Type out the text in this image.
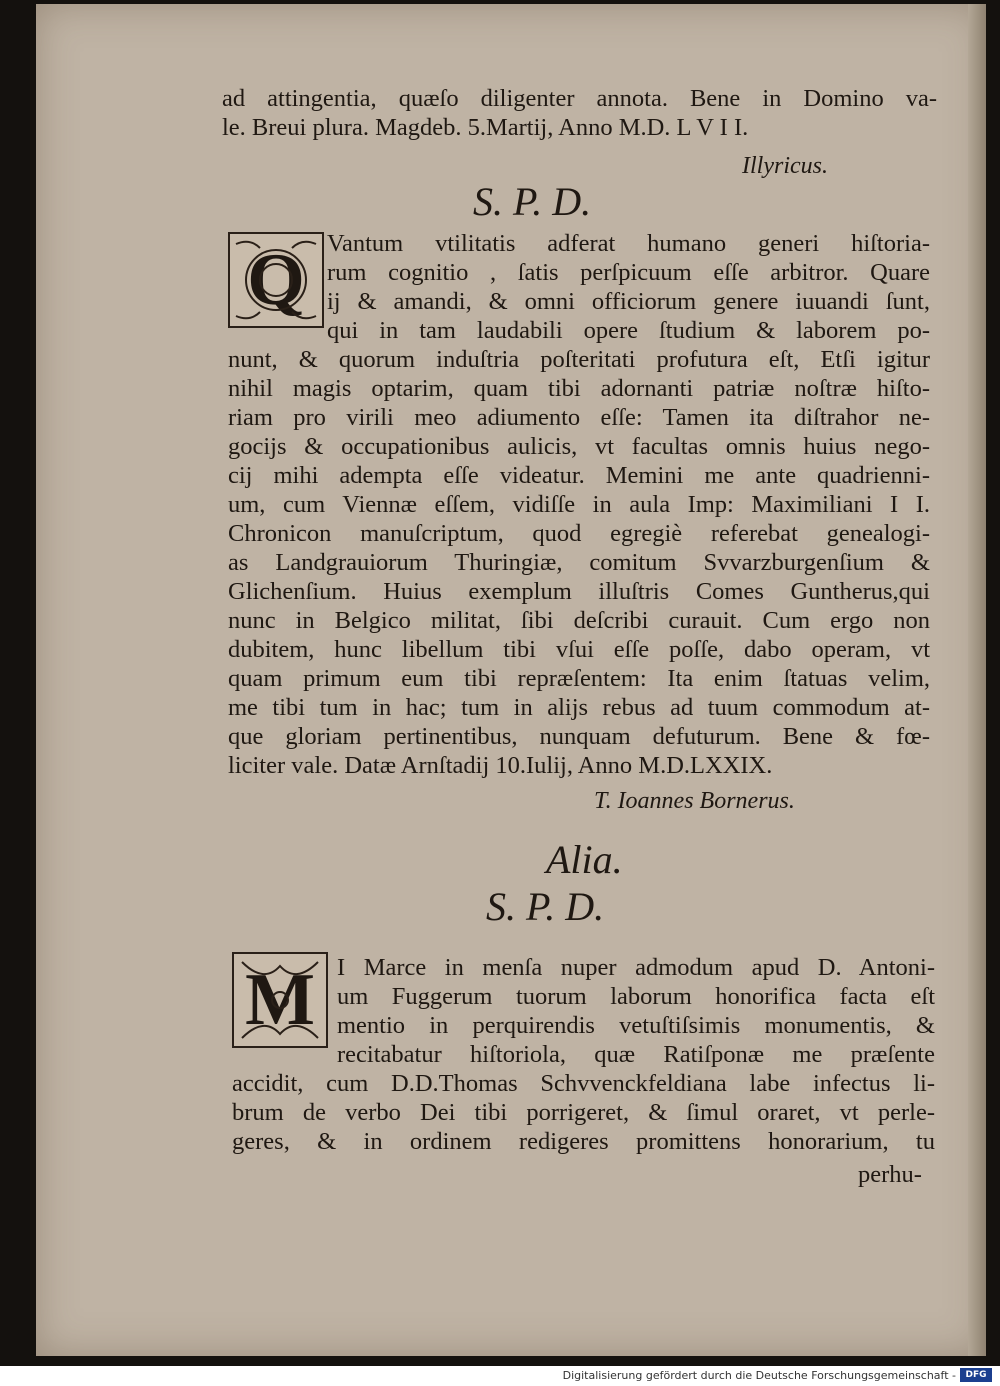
ad attingentia, quæſo diligenter annota. Bene in Domino va-
le. Breui plura. Magdeb. 5.Martij, Anno M.D. L V I I.
Illyricus.
S. P. D.
Q Vantum vtilitatis adferat humano generi hiſtoria-
rum cognitio , ſatis perſpicuum eſſe arbitror. Quare
ij & amandi, & omni officiorum genere iuuandi ſunt,
qui in tam laudabili opere ſtudium & laborem po-
nunt, & quorum induſtria poſteritati profutura eſt, Etſi igitur
nihil magis optarim, quam tibi adornanti patriæ noſtræ hiſto-
riam pro virili meo adiumento eſſe: Tamen ita diſtrahor ne-
gocijs & occupationibus aulicis, vt facultas omnis huius nego-
cij mihi adempta eſſe videatur. Memini me ante quadrienni-
um, cum Viennæ eſſem, vidiſſe in aula Imp: Maximiliani I I.
Chronicon manuſcriptum, quod egregiè referebat genealogi-
as Landgrauiorum Thuringiæ, comitum Svvarzburgenſium &
Glichenſium. Huius exemplum illuſtris Comes Guntherus,qui
nunc in Belgico militat, ſibi deſcribi curauit. Cum ergo non
dubitem, hunc libellum tibi vſui eſſe poſſe, dabo operam, vt
quam primum eum tibi repræſentem: Ita enim ſtatuas velim,
me tibi tum in hac; tum in alijs rebus ad tuum commodum at-
que gloriam pertinentibus, nunquam defuturum. Bene & fœ-
liciter vale. Datæ Arnſtadij 10.Iulij, Anno M.D.LXXIX.
T. Ioannes Bornerus.
Alia.
S. P. D.
M I Marce in menſa nuper admodum apud D. Antoni-
um Fuggerum tuorum laborum honorifica facta eſt
mentio in perquirendis vetuſtiſsimis monumentis, &
recitabatur hiſtoriola, quæ Ratiſponæ me præſente
accidit, cum D.D.Thomas Schvvenckfeldiana labe infectus li-
brum de verbo Dei tibi porrigeret, & ſimul oraret, vt perle-
geres, & in ordinem redigeres promittens honorarium, tu
perhu-
Digitalisierung gefördert durch die Deutsche Forschungsgemeinschaft -	DFG
